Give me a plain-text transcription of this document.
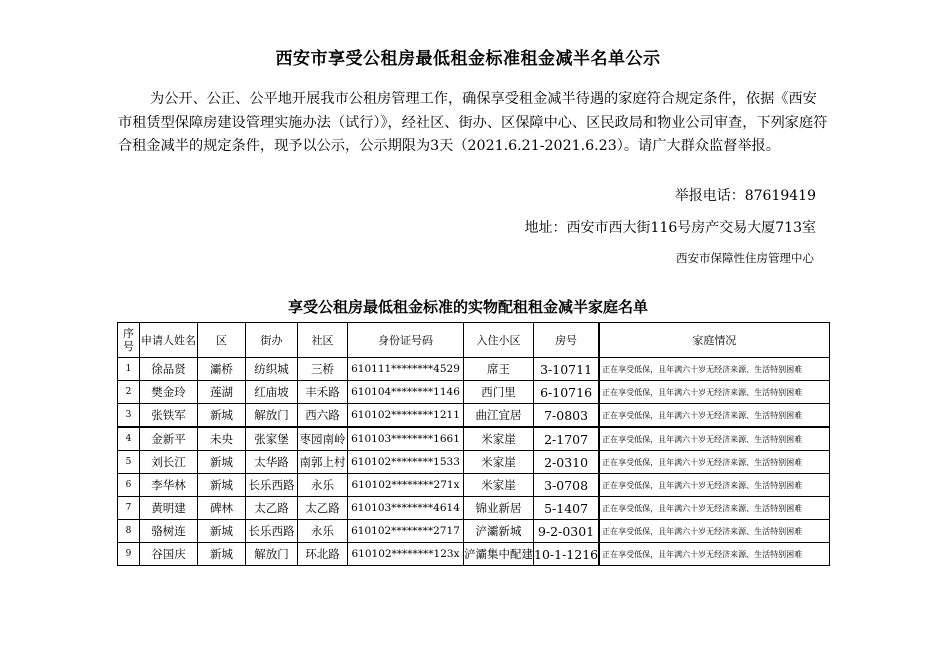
西安市享受公租房最低租金标准租金减半名单公示
为公开、公正、公平地开展我市公租房管理工作，确保享受租金减半待遇的家庭符合规定条件，依据《西安市租赁型保障房建设管理实施办法（试行）》，经社区、街办、区保障中心、区民政局和物业公司审查，下列家庭符合租金减半的规定条件，现予以公示，公示期限为3天（2021.6.21-2021.6.23）。请广大群众监督举报。
举报电话：87619419
地址：西安市西大街116号房产交易大厦713室
西安市保障性住房管理中心
享受公租房最低租金标准的实物配租租金减半家庭名单
序号	申请人姓名	区	街办	社区	身份证号码	入住小区	房号	家庭情况
1	徐品贤	灞桥	纺织城	三桥	610111********4529	席王	3-10711	正在享受低保，且年满六十岁无经济来源、生活特别困难
2	樊金玲	莲湖	红庙坡	丰禾路	610104********1146	西门里	6-10716	正在享受低保，且年满六十岁无经济来源、生活特别困难
3	张铁军	新城	解放门	西六路	610102********1211	曲江宜居	7-0803	正在享受低保，且年满六十岁无经济来源、生活特别困难
4	金新平	未央	张家堡	枣园南岭	610103********1661	米家崖	2-1707	正在享受低保，且年满六十岁无经济来源、生活特别困难
5	刘长江	新城	太华路	南郭上村	610102********1533	米家崖	2-0310	正在享受低保，且年满六十岁无经济来源、生活特别困难
6	李华林	新城	长乐西路	永乐	610102********271x	米家崖	3-0708	正在享受低保，且年满六十岁无经济来源、生活特别困难
7	黄明建	碑林	太乙路	太乙路	610103********4614	锦业新居	5-1407	正在享受低保，且年满六十岁无经济来源、生活特别困难
8	骆树连	新城	长乐西路	永乐	610102********2717	浐灞新城	9-2-0301	正在享受低保，且年满六十岁无经济来源、生活特别困难
9	谷国庆	新城	解放门	环北路	610102********123x	浐灞集中配建	10-1-1216	正在享受低保，且年满六十岁无经济来源、生活特别困难
